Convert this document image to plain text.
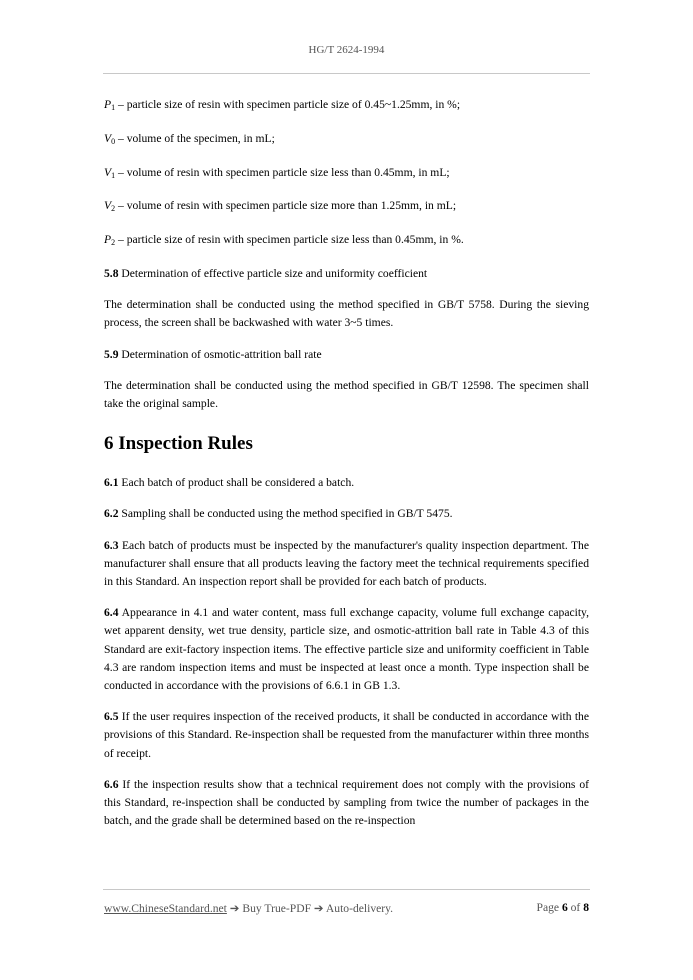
HG/T 2624-1994
$P_1$ – particle size of resin with specimen particle size of 0.45~1.25mm, in %;
$V_0$ – volume of the specimen, in mL;
$V_1$ – volume of resin with specimen particle size less than 0.45mm, in mL;
$V_2$ – volume of resin with specimen particle size more than 1.25mm, in mL;
$P_2$ – particle size of resin with specimen particle size less than 0.45mm, in %.

5.8 Determination of effective particle size and uniformity coefficient

The determination shall be conducted using the method specified in GB/T 5758. During the sieving process, the screen shall be backwashed with water 3~5 times.

5.9 Determination of osmotic-attrition ball rate

The determination shall be conducted using the method specified in GB/T 12598. The specimen shall take the original sample.

6 Inspection Rules

6.1 Each batch of product shall be considered a batch.

6.2 Sampling shall be conducted using the method specified in GB/T 5475.

6.3 Each batch of products must be inspected by the manufacturer's quality inspection department. The manufacturer shall ensure that all products leaving the factory meet the technical requirements specified in this Standard. An inspection report shall be provided for each batch of products.

6.4 Appearance in 4.1 and water content, mass full exchange capacity, volume full exchange capacity, wet apparent density, wet true density, particle size, and osmotic-attrition ball rate in Table 4.3 of this Standard are exit-factory inspection items. The effective particle size and uniformity coefficient in Table 4.3 are random inspection items and must be inspected at least once a month. Type inspection shall be conducted in accordance with the provisions of 6.6.1 in GB 1.3.

6.5 If the user requires inspection of the received products, it shall be conducted in accordance with the provisions of this Standard. Re-inspection shall be requested from the manufacturer within three months of receipt.

6.6 If the inspection results show that a technical requirement does not comply with the provisions of this Standard, re-inspection shall be conducted by sampling from twice the number of packages in the batch, and the grade shall be determined based on the re-inspection

www.ChineseStandard.net ➔ Buy True-PDF ➔ Auto-delivery.	Page 6 of 8
